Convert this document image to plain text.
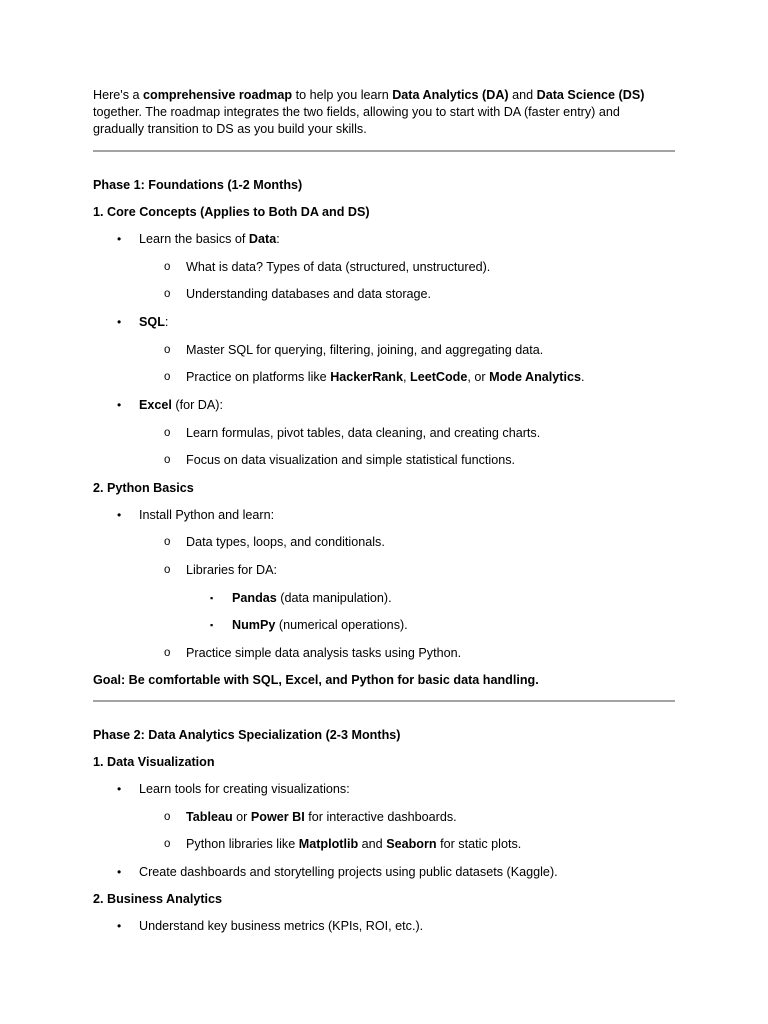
Here's a comprehensive roadmap to help you learn Data Analytics (DA) and Data Science (DS)
together. The roadmap integrates the two fields, allowing you to start with DA (faster entry) and
gradually transition to DS as you build your skills.

Phase 1: Foundations (1-2 Months)
1. Core Concepts (Applies to Both DA and DS)
• Learn the basics of Data:
o What is data? Types of data (structured, unstructured).
o Understanding databases and data storage.
• SQL:
o Master SQL for querying, filtering, joining, and aggregating data.
o Practice on platforms like HackerRank, LeetCode, or Mode Analytics.
• Excel (for DA):
o Learn formulas, pivot tables, data cleaning, and creating charts.
o Focus on data visualization and simple statistical functions.
2. Python Basics
• Install Python and learn:
o Data types, loops, and conditionals.
o Libraries for DA:
▪ Pandas (data manipulation).
▪ NumPy (numerical operations).
o Practice simple data analysis tasks using Python.
Goal: Be comfortable with SQL, Excel, and Python for basic data handling.
Phase 2: Data Analytics Specialization (2-3 Months)
1. Data Visualization
• Learn tools for creating visualizations:
o Tableau or Power BI for interactive dashboards.
o Python libraries like Matplotlib and Seaborn for static plots.
• Create dashboards and storytelling projects using public datasets (Kaggle).
2. Business Analytics
• Understand key business metrics (KPIs, ROI, etc.).
